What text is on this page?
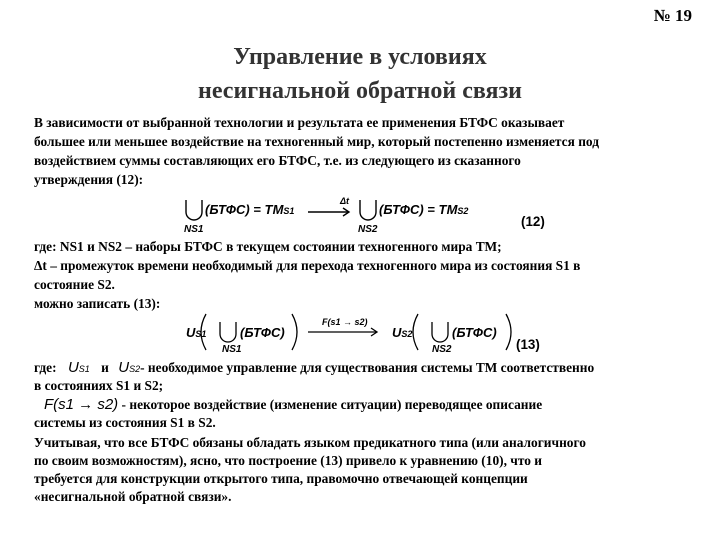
№ 19
Управление в условиях
несигнальной обратной связи
В зависимости от выбранной технологии и результата ее применения БТФС оказывает
большее или меньшее воздействие на техногенный мир, который постепенно изменяется под
воздействием суммы составляющих его БТФС, т.е. из следующего из сказанного
утверждения (12):
(БТФС) = ТМS1
Δt
(БТФС) = ТМS2
NS1	NS2
(12)
где: NS1 и NS2 – наборы БТФС в текущем состоянии техногенного мира ТМ;
Δt – промежуток времени необходимый для перехода техногенного мира из состояния S1 в
состояние S2.
можно записать (13):
US1	(БТФС)
F(s1 → s2)
US2	(БТФС)
NS1	NS2	(13)
где: US1 и US2- необходимое управление для существования системы ТМ соответственно
в состояниях S1 и S2;
F(s1 → s2) - некоторое воздействие (изменение ситуации) переводящее описание
системы из состояния S1 в S2.
Учитывая, что все БТФС обязаны обладать языком предикатного типа (или аналогичного
по своим возможностям), ясно, что построение (13) привело к уравнению (10), что и
требуется для конструкции открытого типа, правомочно отвечающей концепции
«несигнальной обратной связи».
